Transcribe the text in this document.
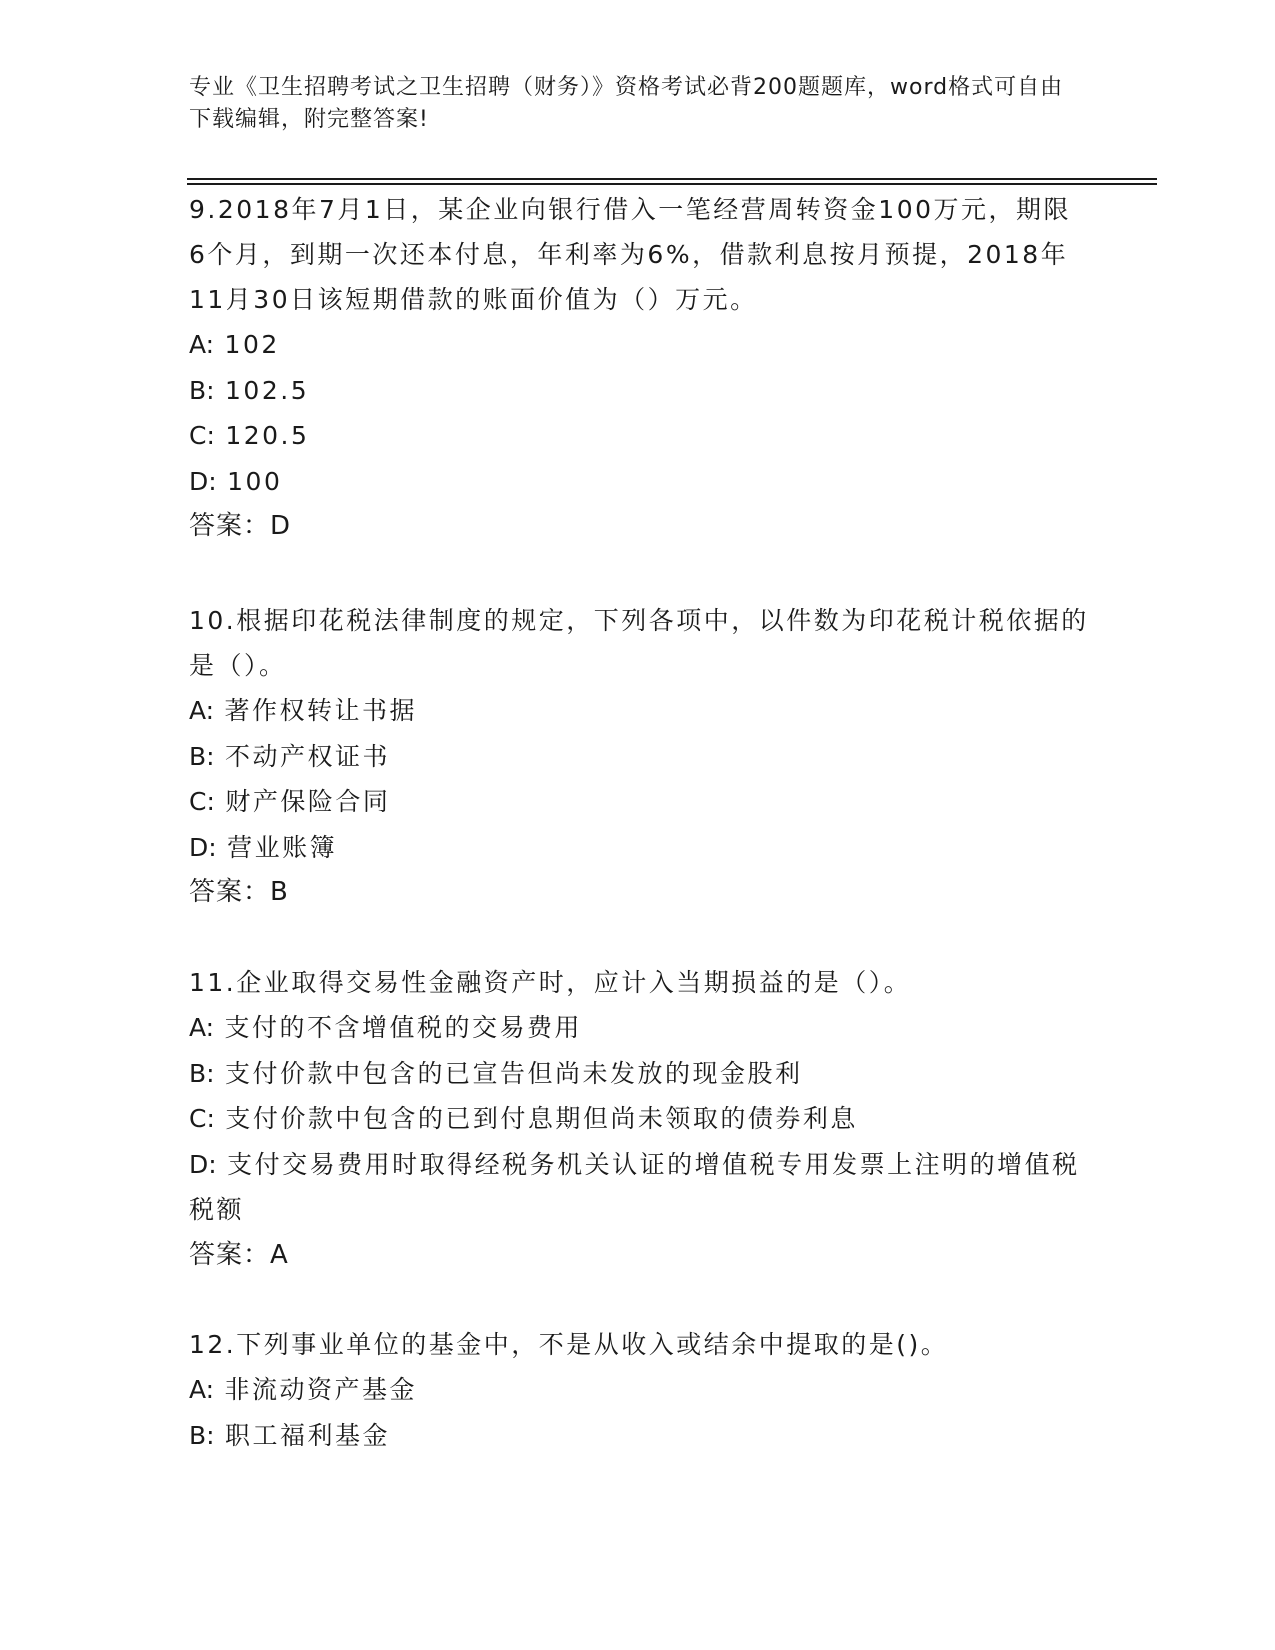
专业《卫生招聘考试之卫生招聘（财务）》资格考试必背200题题库，word格式可自由下载编辑，附完整答案!
9.2018年7月1日，某企业向银行借入一笔经营周转资金100万元，期限6个月，到期一次还本付息，年利率为6%，借款利息按月预提，2018年11月30日该短期借款的账面价值为（）万元。
A: 102
B: 102.5
C: 120.5
D: 100
答案：D
10.根据印花税法律制度的规定，下列各项中，以件数为印花税计税依据的是（）。
A: 著作权转让书据
B: 不动产权证书
C: 财产保险合同
D: 营业账簿
答案：B
11.企业取得交易性金融资产时，应计入当期损益的是（）。
A: 支付的不含增值税的交易费用
B: 支付价款中包含的已宣告但尚未发放的现金股利
C: 支付价款中包含的已到付息期但尚未领取的债券利息
D: 支付交易费用时取得经税务机关认证的增值税专用发票上注明的增值税税额
答案：A
12.下列事业单位的基金中，不是从收入或结余中提取的是()。
A: 非流动资产基金
B: 职工福利基金
